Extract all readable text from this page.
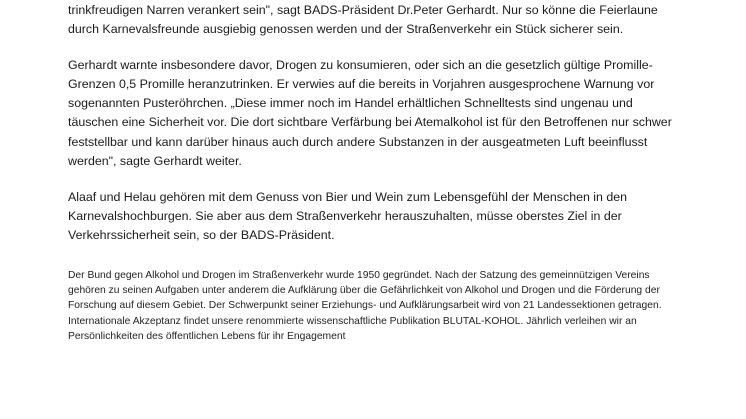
trinkfreudigen Narren verankert sein", sagt BADS-Präsident Dr.Peter Gerhardt. Nur so könne die Feierlaune durch Karnevalsfreunde ausgiebig genossen werden und der Straßenverkehr ein Stück sicherer sein.

Gerhardt warnte insbesondere davor, Drogen zu konsumieren, oder sich an die gesetzlich gültige Promille-Grenzen 0,5 Promille heranzutrinken. Er verwies auf die bereits in Vorjahren ausgesprochene Warnung vor sogenannten Pusteröhrchen. „Diese immer noch im Handel erhältlichen Schnelltests sind ungenau und täuschen eine Sicherheit vor. Die dort sichtbare Verfärbung bei Atemalkohol ist für den Betroffenen nur schwer feststellbar und kann darüber hinaus auch durch andere Substanzen in der ausgeatmeten Luft beeinflusst werden", sagte Gerhardt weiter.

Alaaf und Helau gehören mit dem Genuss von Bier und Wein zum Lebensgefühl der Menschen in den Karnevalshochburgen. Sie aber aus dem Straßenverkehr herauszuhalten, müsse oberstes Ziel in der Verkehrssicherheit sein, so der BADS-Präsident.

Der Bund gegen Alkohol und Drogen im Straßenverkehr wurde 1950 gegründet. Nach der Satzung des gemeinnützigen Vereins gehören zu seinen Aufgaben unter anderem die Aufklärung über die Gefährlichkeit von Alkohol und Drogen und die Förderung der Forschung auf diesem Gebiet. Der Schwerpunkt seiner Erziehungs- und Aufklärungsarbeit wird von 21 Landessektionen getragen. Internationale Akzeptanz findet unsere renommierte wissenschaftliche Publikation BLUTAL-KOHOL. Jährlich verleihen wir an Persönlichkeiten des öffentlichen Lebens für ihr Engagement
